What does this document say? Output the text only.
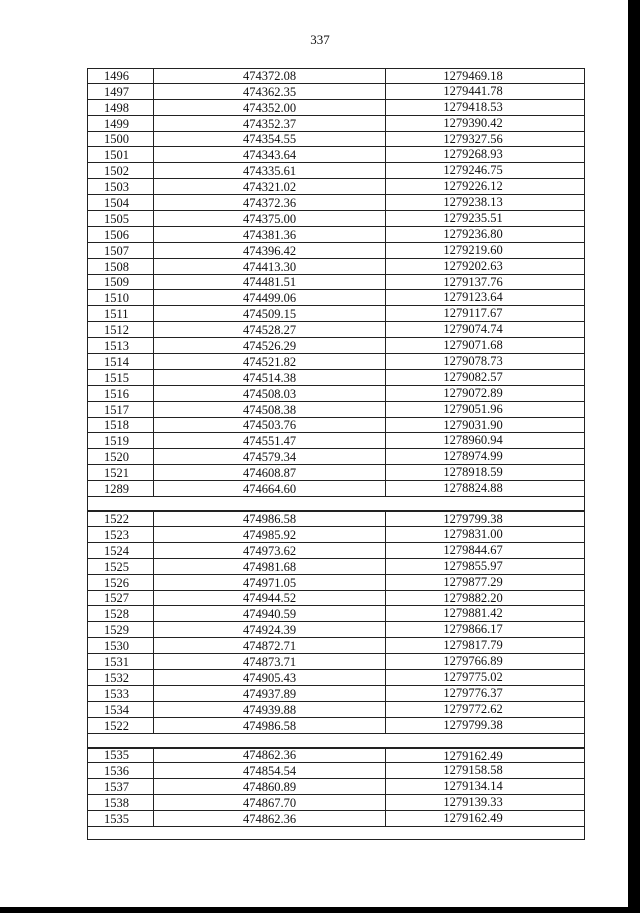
337
1496	474372.08	1279469.18
1497	474362.35	1279441.78
1498	474352.00	1279418.53
1499	474352.37	1279390.42
1500	474354.55	1279327.56
1501	474343.64	1279268.93
1502	474335.61	1279246.75
1503	474321.02	1279226.12
1504	474372.36	1279238.13
1505	474375.00	1279235.51
1506	474381.36	1279236.80
1507	474396.42	1279219.60
1508	474413.30	1279202.63
1509	474481.51	1279137.76
1510	474499.06	1279123.64
1511	474509.15	1279117.67
1512	474528.27	1279074.74
1513	474526.29	1279071.68
1514	474521.82	1279078.73
1515	474514.38	1279082.57
1516	474508.03	1279072.89
1517	474508.38	1279051.96
1518	474503.76	1279031.90
1519	474551.47	1278960.94
1520	474579.34	1278974.99
1521	474608.87	1278918.59
1289	474664.60	1278824.88
1522	474986.58	1279799.38
1523	474985.92	1279831.00
1524	474973.62	1279844.67
1525	474981.68	1279855.97
1526	474971.05	1279877.29
1527	474944.52	1279882.20
1528	474940.59	1279881.42
1529	474924.39	1279866.17
1530	474872.71	1279817.79
1531	474873.71	1279766.89
1532	474905.43	1279775.02
1533	474937.89	1279776.37
1534	474939.88	1279772.62
1522	474986.58	1279799.38
1535	474862.36	1279162.49
1536	474854.54	1279158.58
1537	474860.89	1279134.14
1538	474867.70	1279139.33
1535	474862.36	1279162.49
